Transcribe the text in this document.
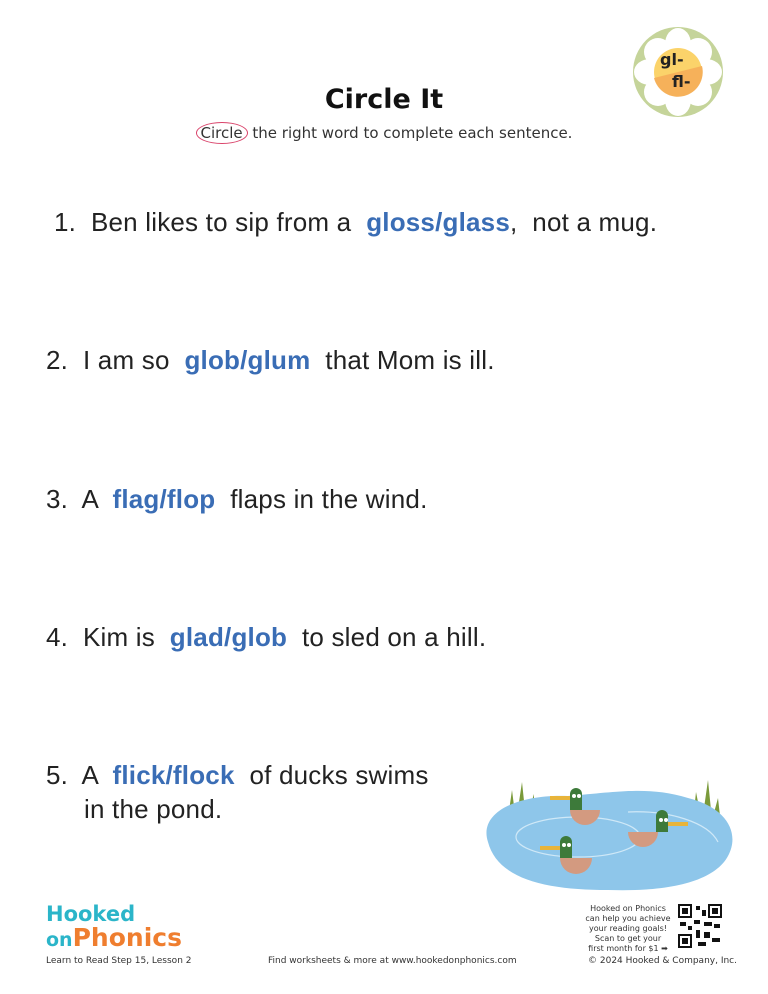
gl-
fl-
Circle It
Circle the right word to complete each sentence.
1. Ben likes to sip from a  gloss/glass,  not a mug.
2. I am so  glob/glum  that Mom is ill.
3. A  flag/flop  flaps in the wind.
4. Kim is  glad/glob  to sled on a hill.
5. A  flick/flock  of ducks swims
in the pond.
Hooked
onPhonics
Learn to Read Step 15, Lesson 2	Find worksheets & more at www.hookedonphonics.com	© 2024 Hooked & Company, Inc.
Hooked on Phonics
can help you achieve
your reading goals!
Scan to get your
first month for $1 ➡
